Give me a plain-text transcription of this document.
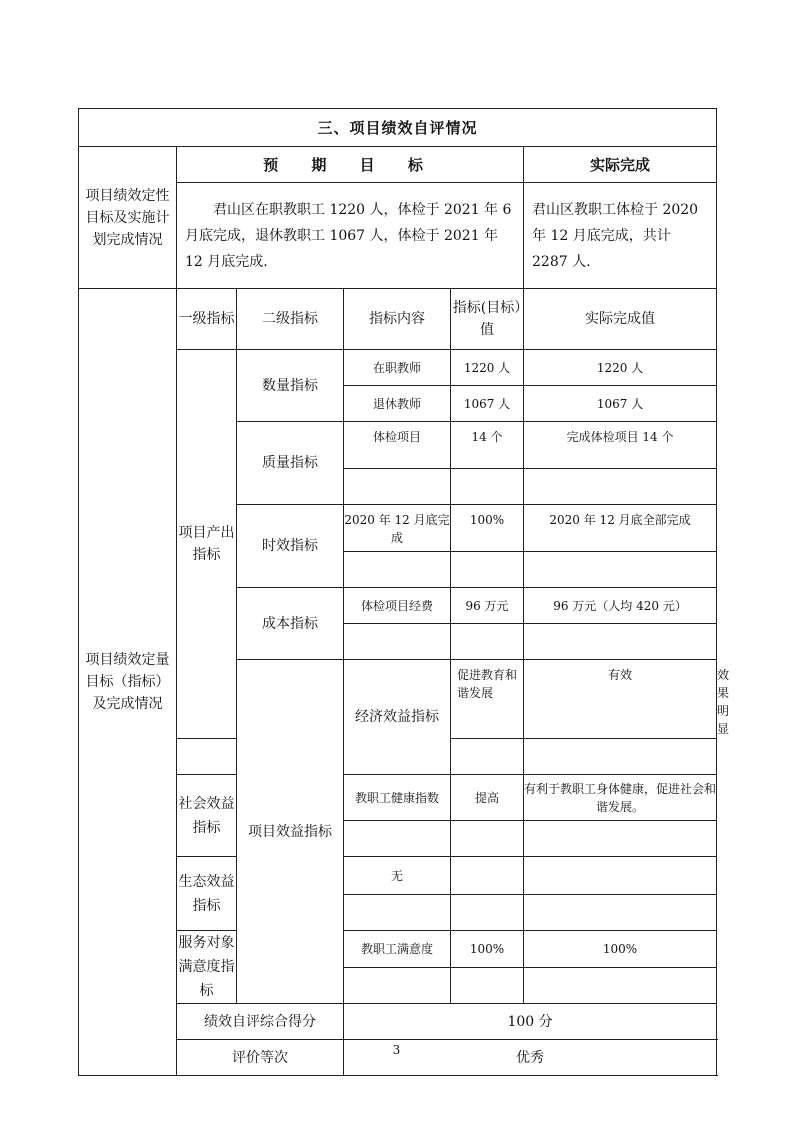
三、项目绩效自评情况						
项目绩效定性目标及实施计划完成情况	预 期 目 标				实际完成	
	君山区在职教职工 1220 人，体检于 2021 年 6 月底完成，退休教职工 1067 人，体检于 2021 年 12 月底完成.				君山区教职工体检于 2020 年 12 月底完成，共计 2287 人.	
项目绩效定量目标（指标）及完成情况	一级指标	二级指标	指标内容	指标(目标）值	实际完成值	
	项目产出指标	数量指标	在职教师	1220 人	1220 人	
			退休教师	1067 人	1067 人	
		质量指标	体检项目	14 个	完成体检项目 14 个	

		时效指标	2020 年 12 月底完成	100%	2020 年 12 月底全部完成	

		成本指标	体检项目经费	96 万元	96 万元（人均 420 元）	

		项目效益指标	经济效益指标	促进教育和谐发展	有效	效果明显

	社会效益指标		教职工健康指数	提高	有利于教职工身体健康，促进社会和谐发展。	

	生态效益指标		无			

	服务对象满意度指标		教职工满意度	100%	100%	

	绩效自评综合得分		100 分			
	评价等次		优秀			
3
